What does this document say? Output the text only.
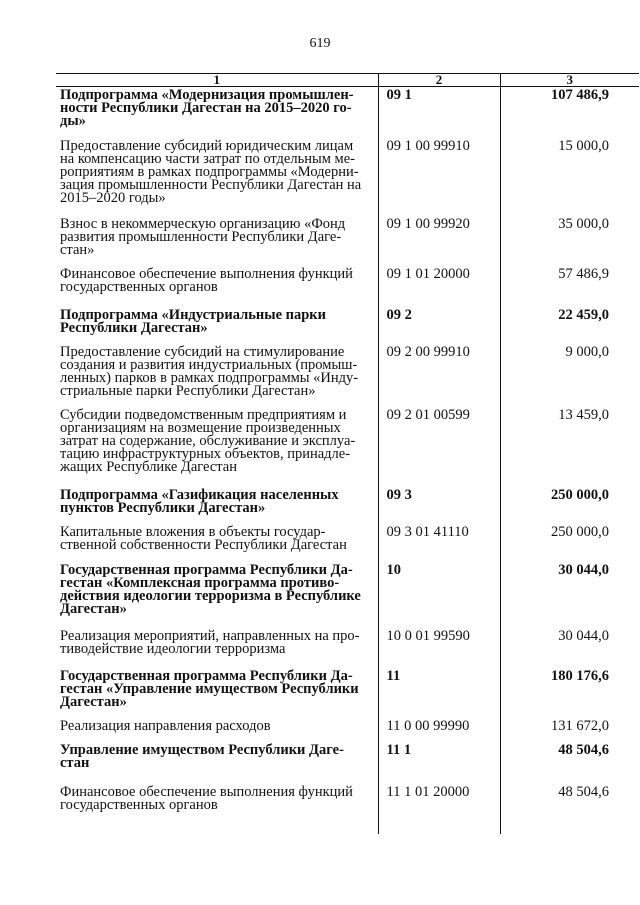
619
1	2	3
Подпрограмма «Модернизация промышлен-
ности Республики Дагестан на 2015–2020 го-
ды»	09 1	107 486,9
Предоставление субсидий юридическим лицам
на компенсацию части затрат по отдельным ме-
роприятиям в рамках подпрограммы «Модерни-
зация промышленности Республики Дагестан на
2015–2020 годы»	09 1 00 99910	15 000,0
Взнос в некоммерческую организацию «Фонд
развития промышленности Республики Даге-
стан»	09 1 00 99920	35 000,0
Финансовое обеспечение выполнения функций
государственных органов	09 1 01 20000	57 486,9
Подпрограмма «Индустриальные парки
Республики Дагестан»	09 2	22 459,0
Предоставление субсидий на стимулирование
создания и развития индустриальных (промыш-
ленных) парков в рамках подпрограммы «Инду-
стриальные парки Республики Дагестан»	09 2 00 99910	9 000,0
Субсидии подведомственным предприятиям и
организациям на возмещение произведенных
затрат на содержание, обслуживание и эксплуа-
тацию инфраструктурных объектов, принадле-
жащих Республике Дагестан	09 2 01 00599	13 459,0
Подпрограмма «Газификация населенных
пунктов Республики Дагестан»	09 3	250 000,0
Капитальные вложения в объекты государ-
ственной собственности Республики Дагестан	09 3 01 41110	250 000,0
Государственная программа Республики Да-
гестан «Комплексная программа противо-
действия идеологии терроризма в Республике
Дагестан»	10	30 044,0
Реализация мероприятий, направленных на про-
тиводействие идеологии терроризма	10 0 01 99590	30 044,0
Государственная программа Республики Да-
гестан «Управление имуществом Республики
Дагестан»	11	180 176,6
Реализация направления расходов	11 0 00 99990	131 672,0
Управление имуществом Республики Даге-
стан	11 1	48 504,6
Финансовое обеспечение выполнения функций
государственных органов	11 1 01 20000	48 504,6
